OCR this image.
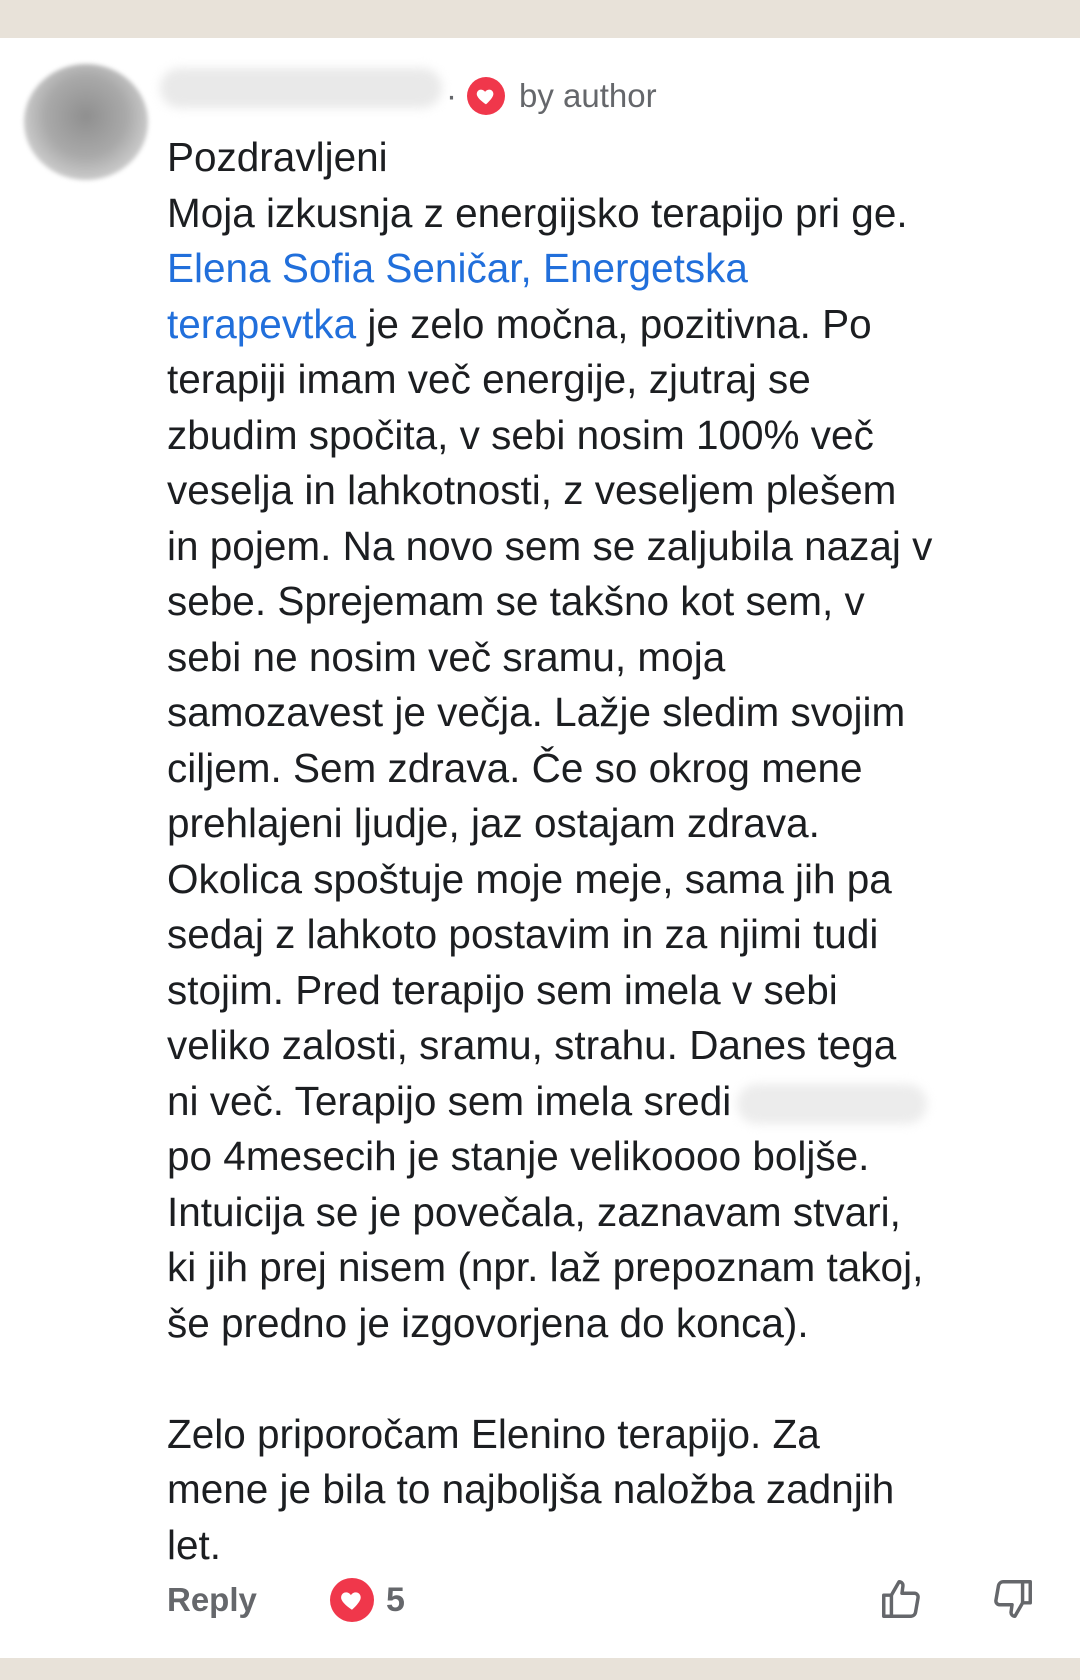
· by author
Pozdravljeni
Moja izkusnja z energijsko terapijo pri ge.
Elena Sofia Seničar, Energetska
terapevtka je zelo močna, pozitivna. Po
terapiji imam več energije, zjutraj se
zbudim spočita, v sebi nosim 100% več
veselja in lahkotnosti, z veseljem plešem
in pojem. Na novo sem se zaljubila nazaj v
sebe. Sprejemam se takšno kot sem, v
sebi ne nosim več sramu, moja
samozavest je večja. Lažje sledim svojim
ciljem. Sem zdrava. Če so okrog mene
prehlajeni ljudje, jaz ostajam zdrava.
Okolica spoštuje moje meje, sama jih pa
sedaj z lahkoto postavim in za njimi tudi
stojim. Pred terapijo sem imela v sebi
veliko zalosti, sramu, strahu. Danes tega
ni več. Terapijo sem imela sredi
po 4mesecih je stanje velikoooo boljše.
Intuicija se je povečala, zaznavam stvari,
ki jih prej nisem (npr. laž prepoznam takoj,
še predno je izgovorjena do konca).
Zelo priporočam Elenino terapijo. Za
mene je bila to najboljša naložba zadnjih
let.
Reply	5
